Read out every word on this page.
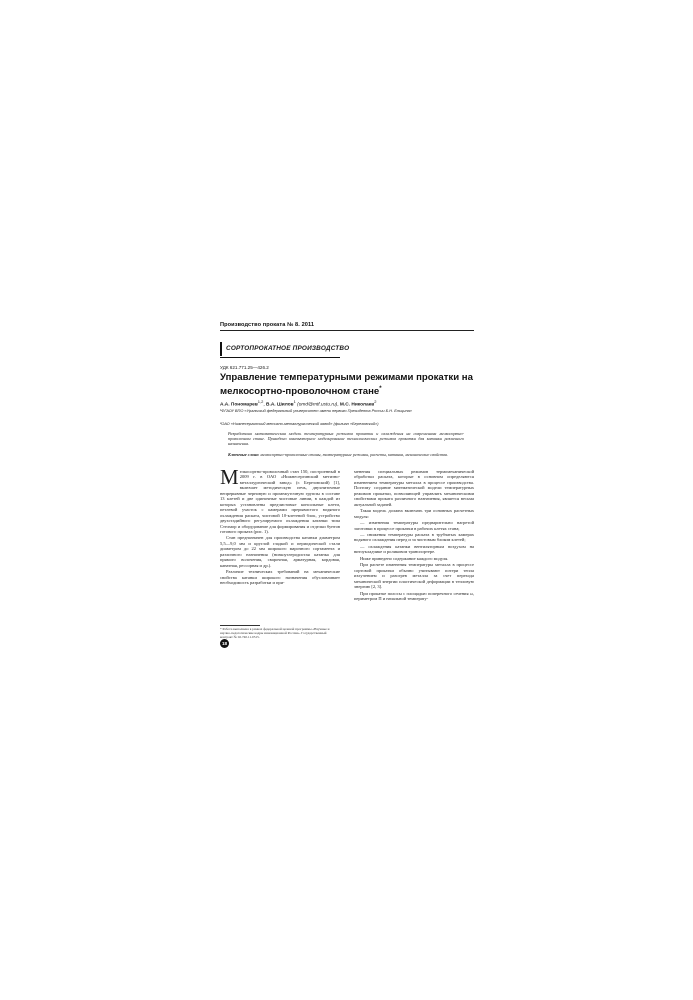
Производство проката № 8. 2011
СОРТОПРОКАТНОЕ ПРОИЗВОДСТВО
УДК 621.771.25—426.2
Управление температурными режимами прокатки на мелкосортно-проволочном стане*
А.А. Пономарев$^{1,2}$, В.А. Шилов$^1$ (omd@mtf.ustu.ru), М.С. Николаев$^2$
¹ФГАОУ ВПО «Уральский федеральный университет имени первого Президента России Б.Н. Ельцина»
²ОАО «Нижнесергинский метизно-металлургический завод» (филиал «Березовский»)
Разработана математическая модель температурных режимов прокатки и охлаждения на современном мелкосортно-проволочном стане. Приведено компьютерное моделирование технологических режимов прокатки для катанки различного назначения.
Ключевые слова: мелкосортно-проволочные станы, температурные режимы, расчеты, катанка, механические свойства.

Мелкосортно-проволочный стан 150, построенный в 2009 г. в ОАО «Нижнесергинский метизно-металлургический завод» (г. Березовский) [1], включает методическую печь, двухниточные непрерывные черновую и промежуточную группы в составе 13 клетей и две одиночные чистовые линии, в каждой из которых установлены предчистовые консольные клети, петлевой участок с камерами прерывистого водяного охлаждения раската, чистовой 10-клетевой блок, устройство двухстадийного регулируемого охлаждения катанки типа Стелмор и оборудование для формирования и отделки бунтов готового проката (рис. 1).

Стан предназначен для производства катанки диаметром 5,5—9,0 мм и круглой гладкой и периодической стали диаметром до 22 мм широкого марочного сортамента и различного назначения (низкоуглеродистая катанка для прямого волочения, сварочная, арматурная, кордовая, канатная, рессорная и др.).

Различие технических требований на механические свойства катанки широкого назначения обусловливает необходимость разработки и при-

менения специальных режимов термомеханической обработки раската, которые в основном определяются изменением температуры металла в процессе производства. Поэтому создание математической модели температурных режимов прокатки, позволяющей управлять механическими свойствами проката различного назначения, является весьма актуальной задачей.

Такая модель должна включать три основных расчетных модуля:

— изменения температуры предварительно нагретой заготовки в процессе прокатки в рабочих клетях стана;

— снижения температуры раската в трубчатых камерах водяного охлаждения перед и за чистовым блоком клетей;

— охлаждения катанки вентиляторным воздухом на витоукладчике и роликовом транспортере.

Ниже приведено содержание каждого модуля.

При расчете изменения температуры металла в процессе сортовой прокатки обычно учитывают потери тепла излучением и разогрев металла за счет перехода механической энергии пластической деформации в тепловую энергию [2, 3].

При прокатке полосы с площадью поперечного сечения ω, периметром П и начальной температу-

* Работа выполнена в рамках федеральной целевой программы «Научные и научно-педагогические кадры инновационной России». Государственный контракт № 02.740.11.0515.
18
